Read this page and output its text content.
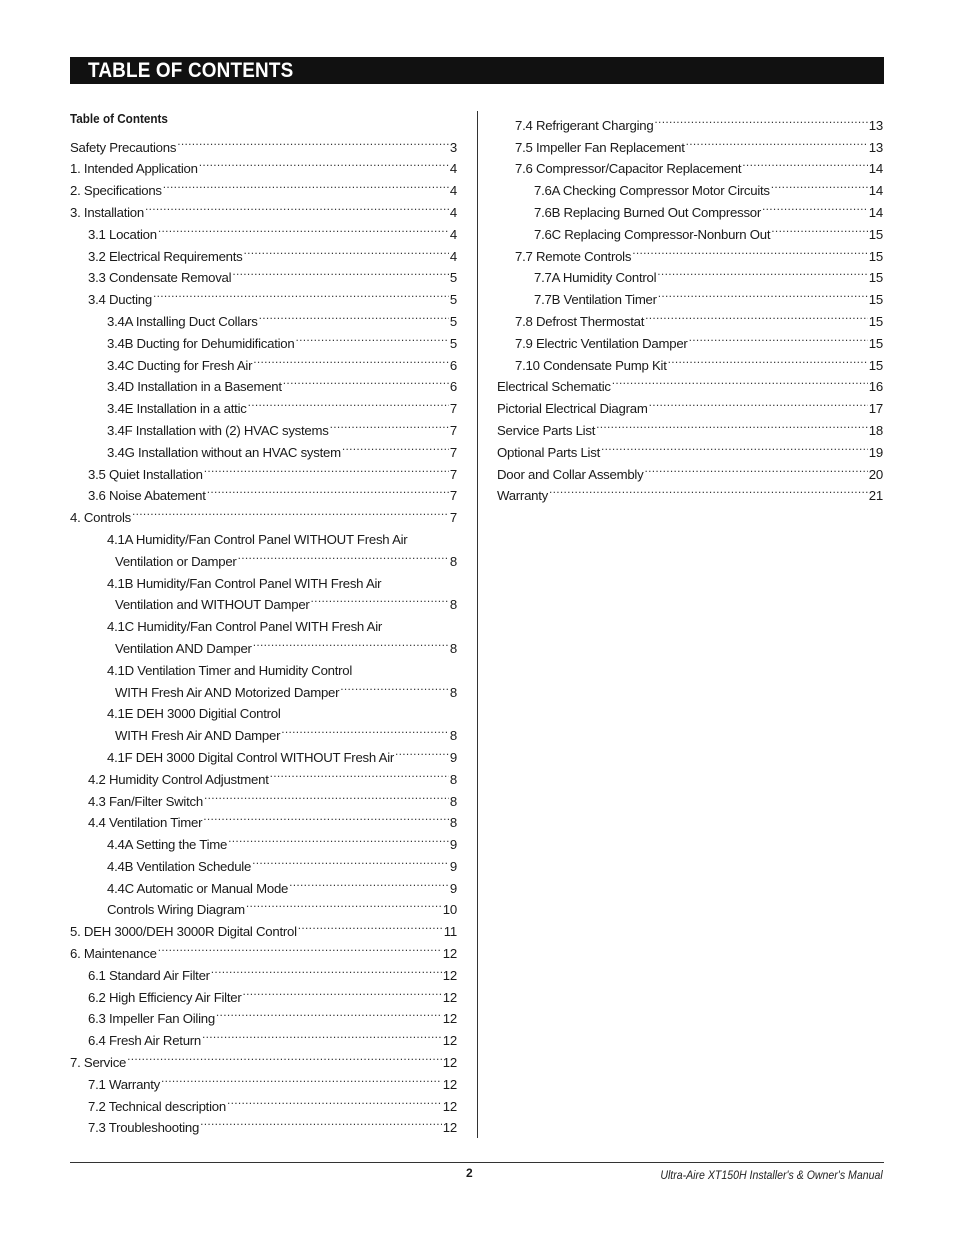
TABLE OF CONTENTS
Table of Contents
Safety Precautions .....	3
1. Intended Application .....	4
2. Specifications .....	4
3. Installation .....	4
3.1 Location .....	4
3.2 Electrical Requirements .....	4
3.3 Condensate Removal .....	5
3.4 Ducting .....	5
3.4A Installing Duct Collars .....	5
3.4B Ducting for Dehumidification .....	5
3.4C Ducting for Fresh Air .....	6
3.4D Installation in a Basement .....	6
3.4E Installation in a attic .....	7
3.4F Installation with (2) HVAC systems .....	7
3.4G Installation without an HVAC system .....	7
3.5 Quiet Installation .....	7
3.6 Noise Abatement .....	7
4. Controls .....	7
4.1A Humidity/Fan Control Panel WITHOUT Fresh Air
Ventilation or Damper .....	8
4.1B Humidity/Fan Control Panel WITH Fresh Air
Ventilation and WITHOUT Damper .....	8
4.1C Humidity/Fan Control Panel WITH Fresh Air
Ventilation AND Damper .....	8
4.1D Ventilation Timer and Humidity Control
WITH Fresh Air AND Motorized Damper .....	8
4.1E DEH 3000 Digitial Control
WITH Fresh Air AND Damper .....	8
4.1F DEH 3000 Digital Control WITHOUT Fresh Air .....	9
4.2 Humidity Control Adjustment .....	8
4.3 Fan/Filter Switch .....	8
4.4 Ventilation Timer .....	8
4.4A Setting the Time .....	9
4.4B Ventilation Schedule .....	9
4.4C Automatic or Manual Mode .....	9
Controls Wiring Diagram .....	10
5. DEH 3000/DEH 3000R Digital Control .....	11
6. Maintenance .....	12
6.1 Standard Air Filter .....	12
6.2 High Efficiency Air Filter .....	12
6.3 Impeller Fan Oiling .....	12
6.4 Fresh Air Return .....	12
7. Service .....	12
7.1 Warranty .....	12
7.2 Technical description .....	12
7.3 Troubleshooting .....	12
7.4 Refrigerant Charging .....	13
7.5 Impeller Fan Replacement .....	13
7.6 Compressor/Capacitor Replacement .....	14
7.6A Checking Compressor Motor Circuits .....	14
7.6B Replacing Burned Out Compressor .....	14
7.6C Replacing Compressor-Nonburn Out .....	15
7.7 Remote Controls .....	15
7.7A Humidity Control .....	15
7.7B Ventilation Timer .....	15
7.8 Defrost Thermostat .....	15
7.9 Electric Ventilation Damper .....	15
7.10 Condensate Pump Kit .....	15
Electrical Schematic .....	16
Pictorial Electrical Diagram .....	17
Service Parts List .....	18
Optional Parts List .....	19
Door and Collar Assembly .....	20
Warranty .....	21
2	Ultra-Aire XT150H Installer's & Owner's Manual
